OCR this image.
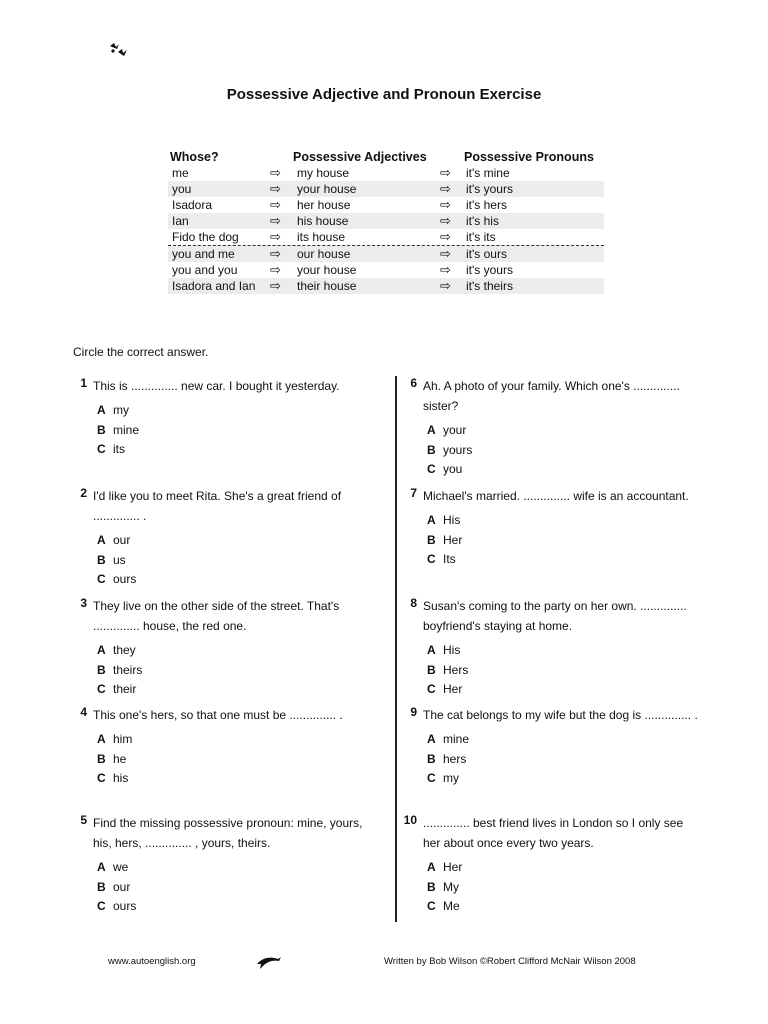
Possessive Adjective and Pronoun Exercise
Whose?	Possessive Adjectives	Possessive Pronouns
me	⇨ my house	⇨ it's mine
you	⇨ your house	⇨ it's yours
Isadora	⇨ her house	⇨ it's hers
Ian	⇨ his house	⇨ it's his
Fido the dog ⇨ its house	⇨ it's its
you and me	⇨ our house	⇨ it's ours
you and you	⇨ your house	⇨ it's yours
Isadora and Ian ⇨ their house	⇨ it's theirs
Circle the correct answer.
1 This is .............. new car. I bought it yesterday.
A my
B mine
C its
2 I'd like you to meet Rita. She's a great friend of .............. .
A our
B us
C ours
3 They live on the other side of the street. That's .............. house, the red one.
A they
B theirs
C their
4 This one's hers, so that one must be .............. .
A him
B he
C his
5 Find the missing possessive pronoun: mine, yours, his, hers, .............. , yours, theirs.
A we
B our
C ours
6 Ah. A photo of your family. Which one's .............. sister?
A your
B yours
C you
7 Michael's married. .............. wife is an accountant.
A His
B Her
C Its
8 Susan's coming to the party on her own. .............. boyfriend's staying at home.
A His
B Hers
C Her
9 The cat belongs to my wife but the dog is .............. .
A mine
B hers
C my
10 .............. best friend lives in London so I only see her about once every two years.
A Her
B My
C Me
www.autoenglish.org	Written by Bob Wilson ©Robert Clifford McNair Wilson 2008
